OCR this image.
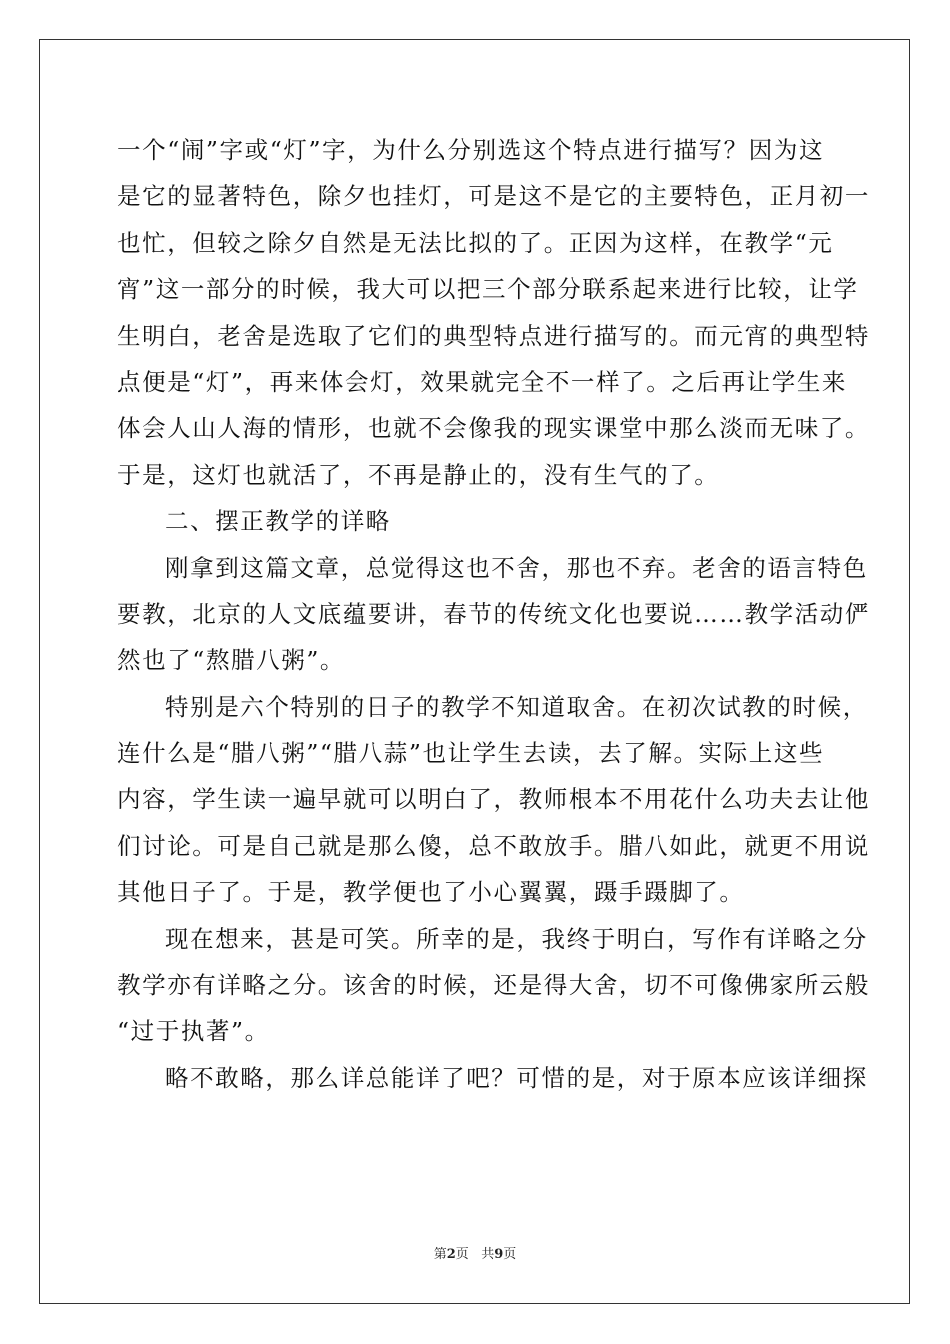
一个“闹”字或“灯”字，为什么分别选这个特点进行描写？因为这
是它的显著特色，除夕也挂灯，可是这不是它的主要特色，正月初一
也忙，但较之除夕自然是无法比拟的了。正因为这样，在教学“元
宵”这一部分的时候，我大可以把三个部分联系起来进行比较，让学
生明白，老舍是选取了它们的典型特点进行描写的。而元宵的典型特
点便是“灯”，再来体会灯，效果就完全不一样了。之后再让学生来
体会人山人海的情形，也就不会像我的现实课堂中那么淡而无味了。
于是，这灯也就活了，不再是静止的，没有生气的了。
二、摆正教学的详略
刚拿到这篇文章，总觉得这也不舍，那也不弃。老舍的语言特色
要教，北京的人文底蕴要讲，春节的传统文化也要说……教学活动俨
然也了“熬腊八粥”。
特别是六个特别的日子的教学不知道取舍。在初次试教的时候，
连什么是“腊八粥”“腊八蒜”也让学生去读，去了解。实际上这些
内容，学生读一遍早就可以明白了，教师根本不用花什么功夫去让他
们讨论。可是自己就是那么傻，总不敢放手。腊八如此，就更不用说
其他日子了。于是，教学便也了小心翼翼，蹑手蹑脚了。
现在想来，甚是可笑。所幸的是，我终于明白，写作有详略之分
教学亦有详略之分。该舍的时候，还是得大舍，切不可像佛家所云般
“过于执著”。
略不敢略，那么详总能详了吧？可惜的是，对于原本应该详细探
第2页 共9页
